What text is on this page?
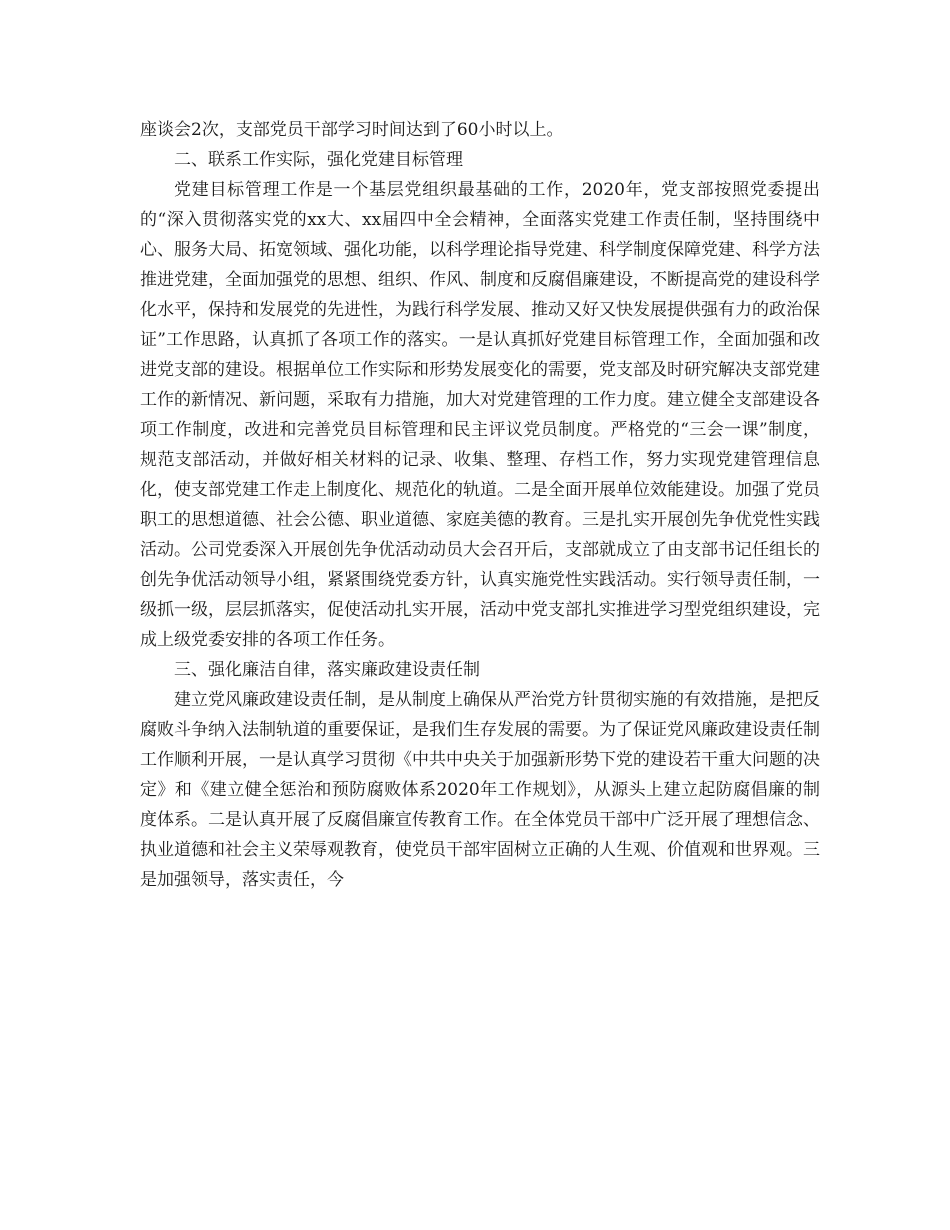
座谈会2次，支部党员干部学习时间达到了60小时以上。

二、联系工作实际，强化党建目标管理

党建目标管理工作是一个基层党组织最基础的工作，2020年，党支部按照党委提出的“深入贯彻落实党的xx大、xx届四中全会精神，全面落实党建工作责任制，坚持围绕中心、服务大局、拓宽领域、强化功能，以科学理论指导党建、科学制度保障党建、科学方法推进党建，全面加强党的思想、组织、作风、制度和反腐倡廉建设，不断提高党的建设科学化水平，保持和发展党的先进性，为践行科学发展、推动又好又快发展提供强有力的政治保证”工作思路，认真抓了各项工作的落实。一是认真抓好党建目标管理工作，全面加强和改进党支部的建设。根据单位工作实际和形势发展变化的需要，党支部及时研究解决支部党建工作的新情况、新问题，采取有力措施，加大对党建管理的工作力度。建立健全支部建设各项工作制度，改进和完善党员目标管理和民主评议党员制度。严格党的“三会一课”制度，规范支部活动，并做好相关材料的记录、收集、整理、存档工作，努力实现党建管理信息化，使支部党建工作走上制度化、规范化的轨道。二是全面开展单位效能建设。加强了党员职工的思想道德、社会公德、职业道德、家庭美德的教育。三是扎实开展创先争优党性实践活动。公司党委深入开展创先争优活动动员大会召开后，支部就成立了由支部书记任组长的创先争优活动领导小组，紧紧围绕党委方针，认真实施党性实践活动。实行领导责任制，一级抓一级，层层抓落实，促使活动扎实开展，活动中党支部扎实推进学习型党组织建设，完成上级党委安排的各项工作任务。

三、强化廉洁自律，落实廉政建设责任制

建立党风廉政建设责任制，是从制度上确保从严治党方针贯彻实施的有效措施，是把反腐败斗争纳入法制轨道的重要保证，是我们生存发展的需要。为了保证党风廉政建设责任制工作顺利开展，一是认真学习贯彻《中共中央关于加强新形势下党的建设若干重大问题的决定》和《建立健全惩治和预防腐败体系2020年工作规划》，从源头上建立起防腐倡廉的制度体系。二是认真开展了反腐倡廉宣传教育工作。在全体党员干部中广泛开展了理想信念、执业道德和社会主义荣辱观教育，使党员干部牢固树立正确的人生观、价值观和世界观。三是加强领导，落实责任，今
